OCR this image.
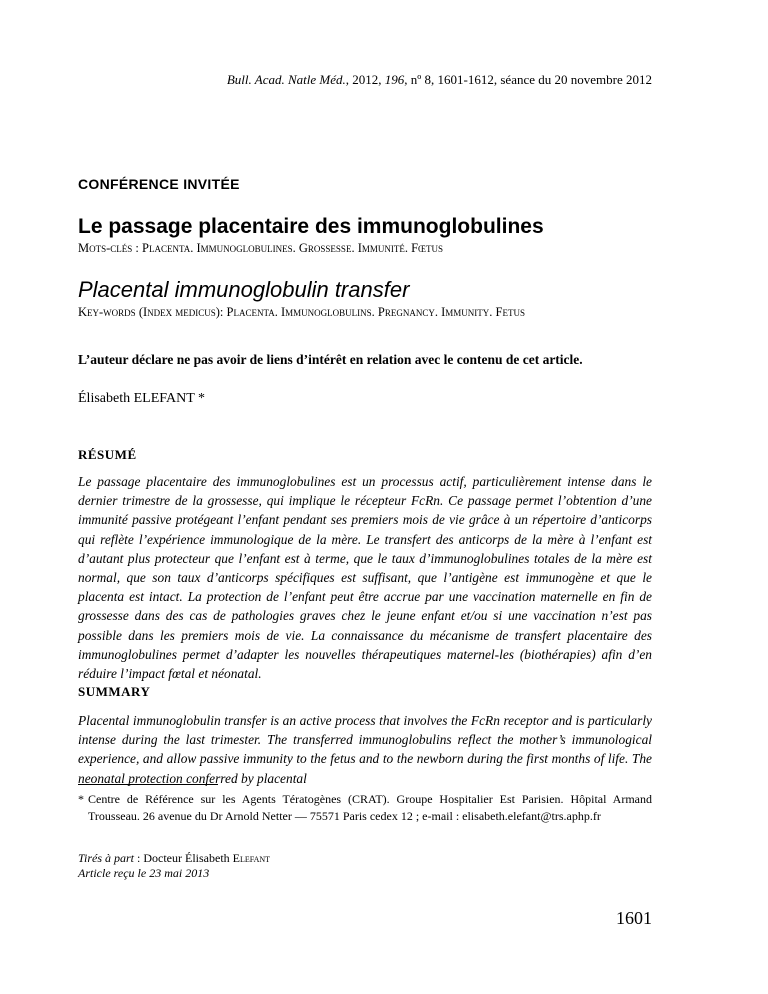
Bull. Acad. Natle Méd., 2012, 196, nº 8, 1601-1612, séance du 20 novembre 2012
CONFÉRENCE INVITÉE
Le passage placentaire des immunoglobulines
Mots-clés : Placenta. Immunoglobulines. Grossesse. Immunité. Fœtus
Placental immunoglobulin transfer
Key-words (Index medicus): Placenta. Immunoglobulins. Pregnancy. Immunity. Fetus
L’auteur déclare ne pas avoir de liens d’intérêt en relation avec le contenu de cet article.
Élisabeth ELEFANT *
RÉSUMÉ

Le passage placentaire des immunoglobulines est un processus actif, particulièrement intense dans le dernier trimestre de la grossesse, qui implique le récepteur FcRn. Ce passage permet l’obtention d’une immunité passive protégeant l’enfant pendant ses premiers mois de vie grâce à un répertoire d’anticorps qui reflète l’expérience immunologique de la mère. Le transfert des anticorps de la mère à l’enfant est d’autant plus protecteur que l’enfant est à terme, que le taux d’immunoglobulines totales de la mère est normal, que son taux d’anticorps spécifiques est suffisant, que l’antigène est immunogène et que le placenta est intact. La protection de l’enfant peut être accrue par une vaccination maternelle en fin de grossesse dans des cas de pathologies graves chez le jeune enfant et/ou si une vaccination n’est pas possible dans les premiers mois de vie. La connaissance du mécanisme de transfert placentaire des immunoglobulines permet d’adapter les nouvelles thérapeutiques maternel-les (biothérapies) afin d’en réduire l’impact fœtal et néonatal.

SUMMARY

Placental immunoglobulin transfer is an active process that involves the FcRn receptor and is particularly intense during the last trimester. The transferred immunoglobulins reflect the mother’s immunological experience, and allow passive immunity to the fetus and to the newborn during the first months of life. The neonatal protection conferred by placental

* Centre de Référence sur les Agents Tératogènes (CRAT). Groupe Hospitalier Est Parisien. Hôpital Armand Trousseau. 26 avenue du Dr Arnold Netter — 75571 Paris cedex 12 ; e-mail : elisabeth.elefant@trs.aphp.fr
Tirés à part : Docteur Élisabeth Elefant
Article reçu le 23 mai 2013
1601
